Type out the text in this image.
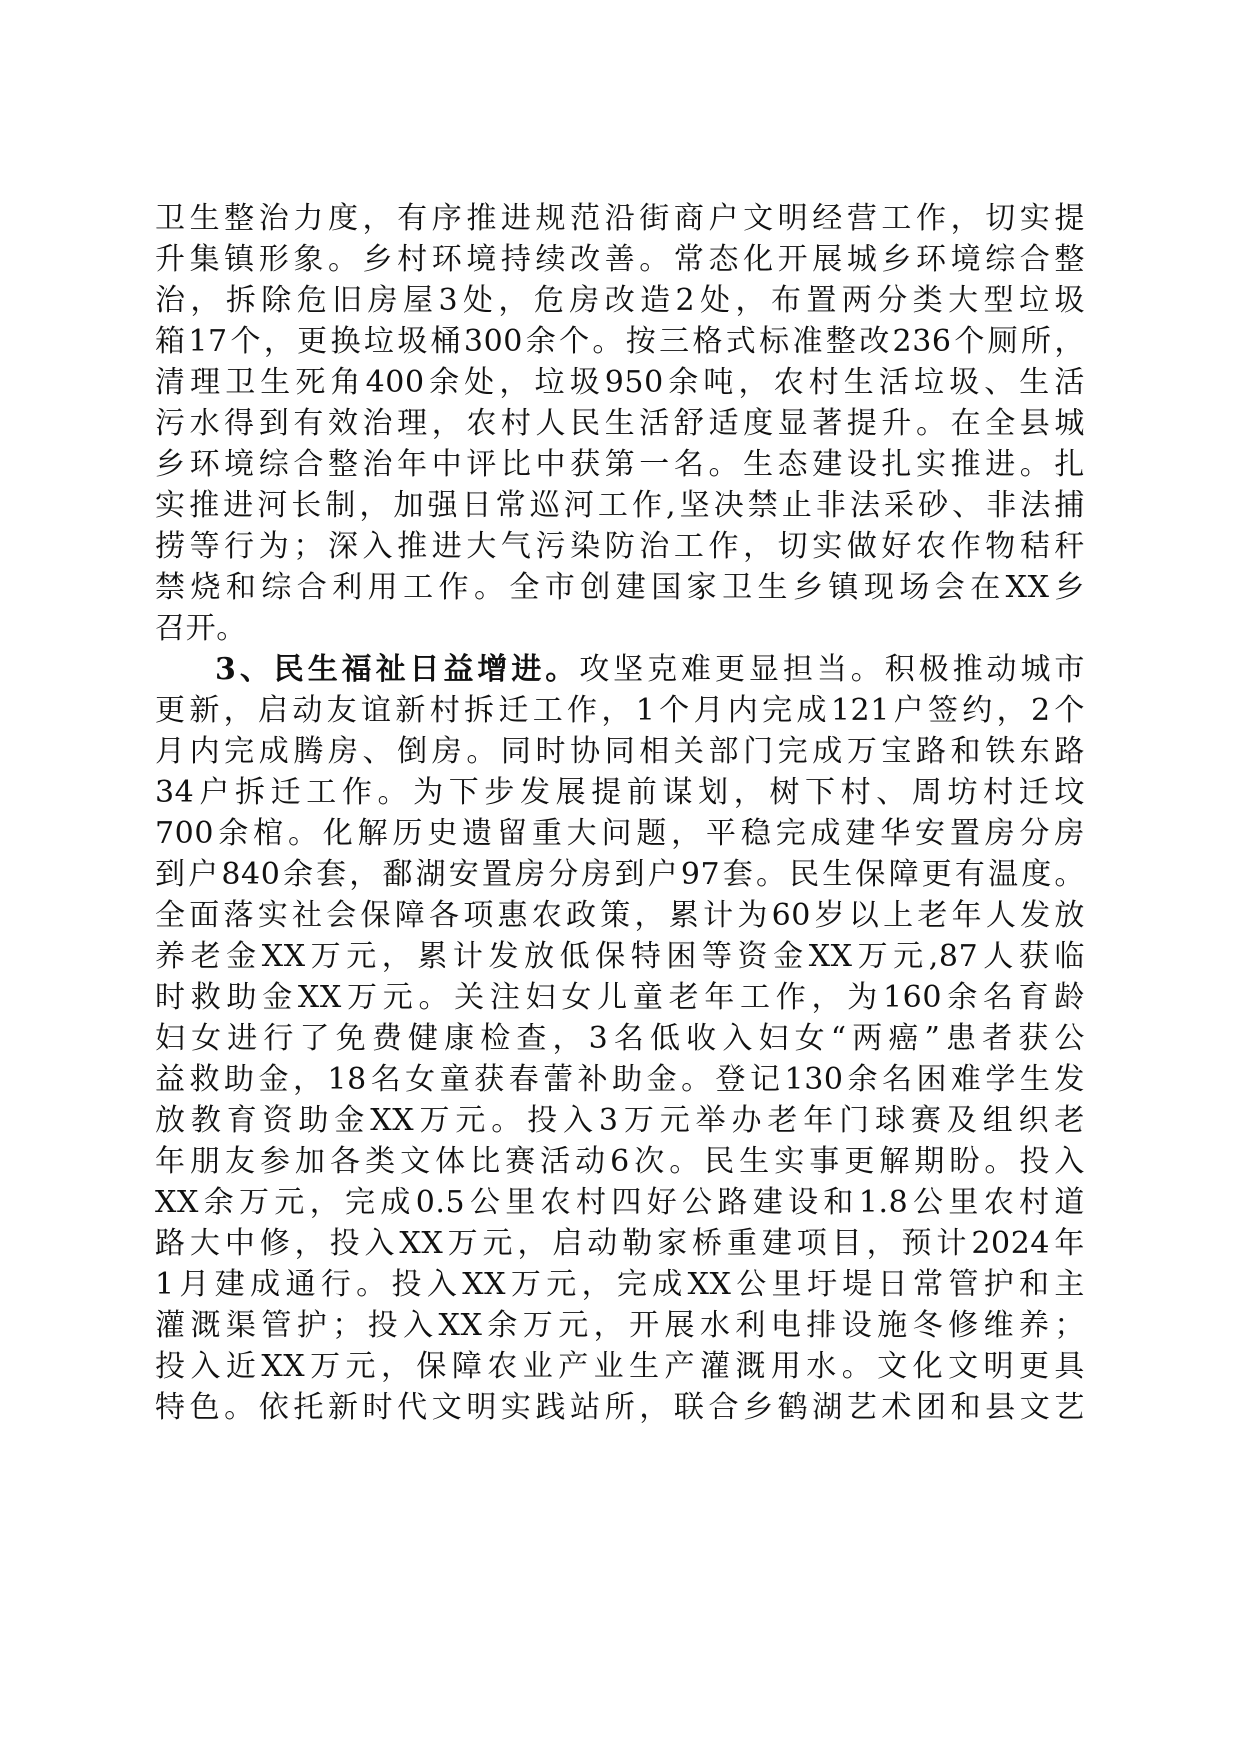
卫生整治力度，有序推进规范沿街商户文明经营工作，切实提
升集镇形象。乡村环境持续改善。常态化开展城乡环境综合整
治，拆除危旧房屋3处，危房改造2处，布置两分类大型垃圾
箱17个，更换垃圾桶300余个。按三格式标准整改236个厕所，
清理卫生死角400余处，垃圾950余吨，农村生活垃圾、生活
污水得到有效治理，农村人民生活舒适度显著提升。在全县城
乡环境综合整治年中评比中获第一名。生态建设扎实推进。扎
实推进河长制，加强日常巡河工作,坚决禁止非法采砂、非法捕
捞等行为；深入推进大气污染防治工作，切实做好农作物秸秆
禁烧和综合利用工作。全市创建国家卫生乡镇现场会在XX乡
召开。
3、民生福祉日益增进。攻坚克难更显担当。积极推动城市
更新，启动友谊新村拆迁工作，1个月内完成121户签约，2个
月内完成腾房、倒房。同时协同相关部门完成万宝路和铁东路
34户拆迁工作。为下步发展提前谋划，树下村、周坊村迁坟
700余棺。化解历史遗留重大问题，平稳完成建华安置房分房
到户840余套，鄱湖安置房分房到户97套。民生保障更有温度。
全面落实社会保障各项惠农政策，累计为60岁以上老年人发放
养老金XX万元，累计发放低保特困等资金XX万元,87人获临
时救助金XX万元。关注妇女儿童老年工作，为160余名育龄
妇女进行了免费健康检查，3名低收入妇女“两癌”患者获公
益救助金，18名女童获春蕾补助金。登记130余名困难学生发
放教育资助金XX万元。投入3万元举办老年门球赛及组织老
年朋友参加各类文体比赛活动6次。民生实事更解期盼。投入
XX余万元，完成0.5公里农村四好公路建设和1.8公里农村道
路大中修，投入XX万元，启动勒家桥重建项目，预计2024年
1月建成通行。投入XX万元，完成XX公里圩堤日常管护和主
灌溉渠管护；投入XX余万元，开展水利电排设施冬修维养；
投入近XX万元，保障农业产业生产灌溉用水。文化文明更具
特色。依托新时代文明实践站所，联合乡鹤湖艺术团和县文艺
